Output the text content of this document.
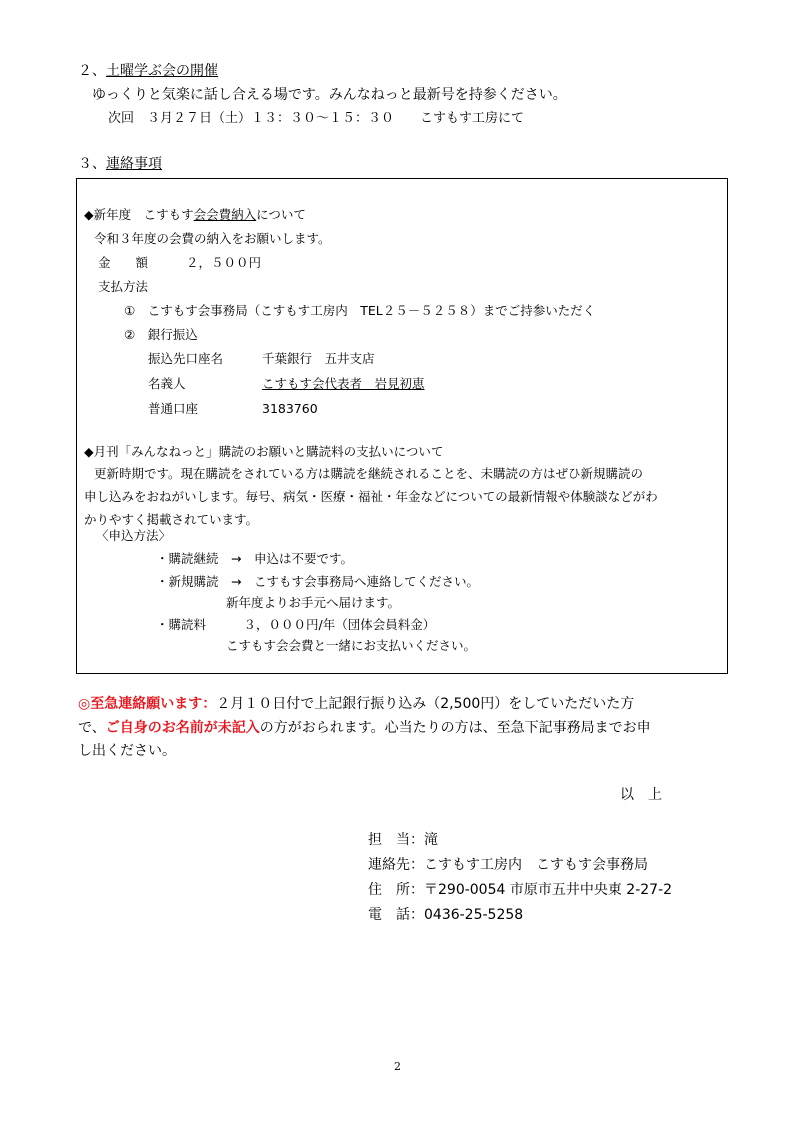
２、土曜学ぶ会の開催
ゆっくりと気楽に話し合える場です。みんなねっと最新号を持参ください。
次回　３月２７日（土）１３：３０～１５：３０　　こすもす工房にて
３、連絡事項
◆新年度　こすもす会会費納入について
令和３年度の会費の納入をお願いします。
金　　額	２，５００円
支払方法
①　こすもす会事務局（こすもす工房内　TEL２５－５２５８）までご持参いただく
②　銀行振込
振込先口座名	千葉銀行　五井支店
名義人	こすもす会代表者　岩見初恵
普通口座	3183760
◆月刊「みんなねっと」購読のお願いと購読料の支払いについて
更新時期です。現在購読をされている方は購読を継続されることを、未購読の方はぜひ新規購読の
申し込みをおねがいします。毎号、病気・医療・福祉・年金などについての最新情報や体験談などがわ
かりやすく掲載されています。
〈申込方法〉
・購読継続　→　申込は不要です。
・新規購読　→　こすもす会事務局へ連絡してください。
新年度よりお手元へ届けます。
・購読料　　　３，０００円/年（団体会員料金）
こすもす会会費と一緒にお支払いください。
◎至急連絡願います：２月１０日付で上記銀行振り込み（2,500円）をしていただいた方
で、ご自身のお名前が未記入の方がおられます。心当たりの方は、至急下記事務局までお申
し出ください。
以　上
担　当：滝
連絡先：こすもす工房内　こすもす会事務局
住　所：〒290-0054 市原市五井中央東 2-27-2
電　話：0436-25-5258
2
